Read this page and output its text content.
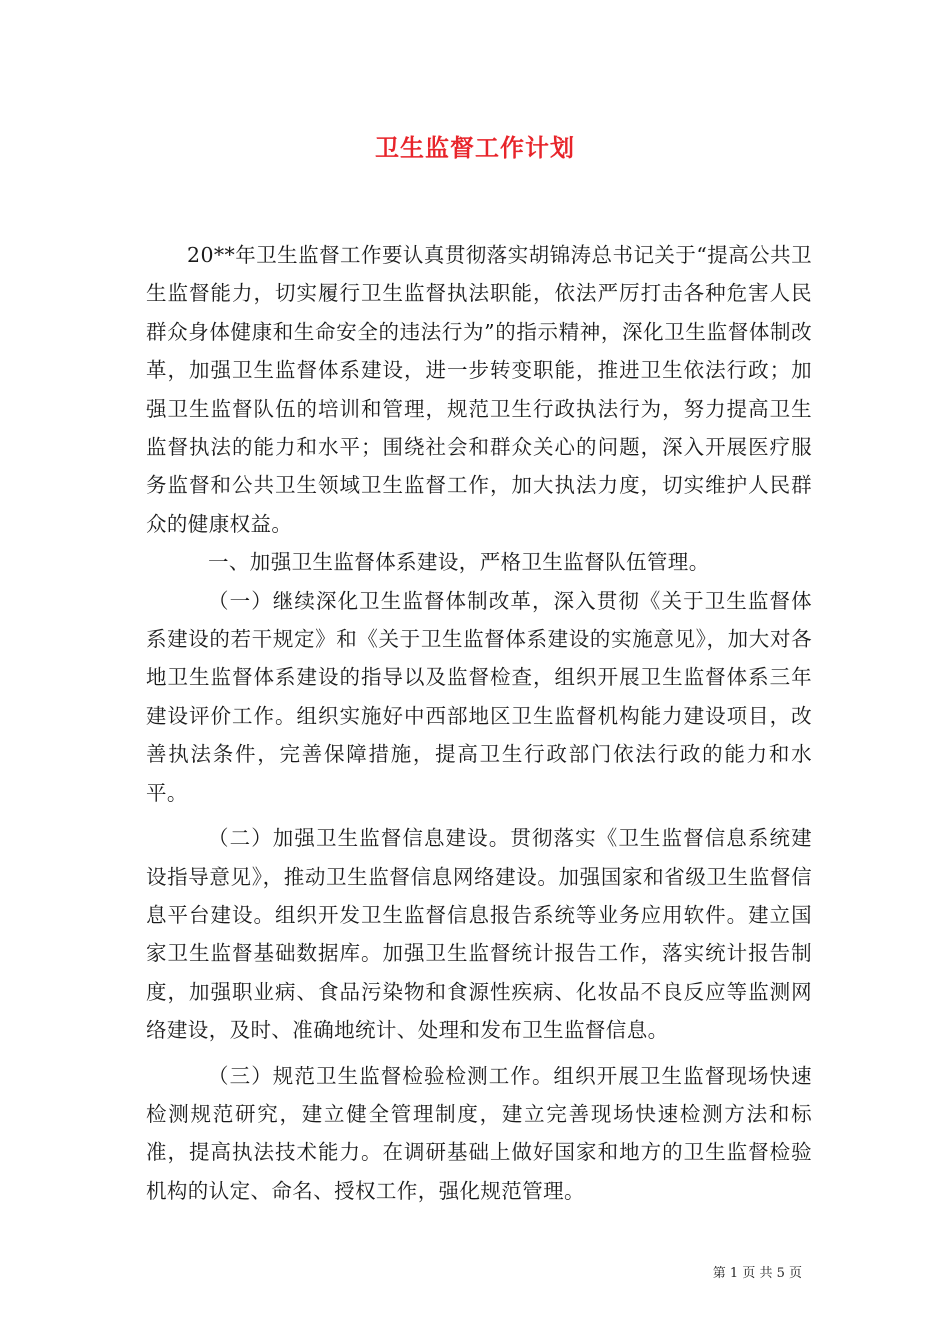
卫生监督工作计划

20**年卫生监督工作要认真贯彻落实胡锦涛总书记关于“提高公共卫生监督能力，切实履行卫生监督执法职能，依法严厉打击各种危害人民群众身体健康和生命安全的违法行为”的指示精神，深化卫生监督体制改革，加强卫生监督体系建设，进一步转变职能，推进卫生依法行政；加强卫生监督队伍的培训和管理，规范卫生行政执法行为，努力提高卫生监督执法的能力和水平；围绕社会和群众关心的问题，深入开展医疗服务监督和公共卫生领域卫生监督工作，加大执法力度，切实维护人民群众的健康权益。

一、加强卫生监督体系建设，严格卫生监督队伍管理。

（一）继续深化卫生监督体制改革，深入贯彻《关于卫生监督体系建设的若干规定》和《关于卫生监督体系建设的实施意见》，加大对各地卫生监督体系建设的指导以及监督检查，组织开展卫生监督体系三年建设评价工作。组织实施好中西部地区卫生监督机构能力建设项目，改善执法条件，完善保障措施，提高卫生行政部门依法行政的能力和水平。

（二）加强卫生监督信息建设。贯彻落实《卫生监督信息系统建设指导意见》，推动卫生监督信息网络建设。加强国家和省级卫生监督信息平台建设。组织开发卫生监督信息报告系统等业务应用软件。建立国家卫生监督基础数据库。加强卫生监督统计报告工作，落实统计报告制度，加强职业病、食品污染物和食源性疾病、化妆品不良反应等监测网络建设，及时、准确地统计、处理和发布卫生监督信息。

（三）规范卫生监督检验检测工作。组织开展卫生监督现场快速检测规范研究，建立健全管理制度，建立完善现场快速检测方法和标准，提高执法技术能力。在调研基础上做好国家和地方的卫生监督检验机构的认定、命名、授权工作，强化规范管理。

第 1 页 共 5 页
